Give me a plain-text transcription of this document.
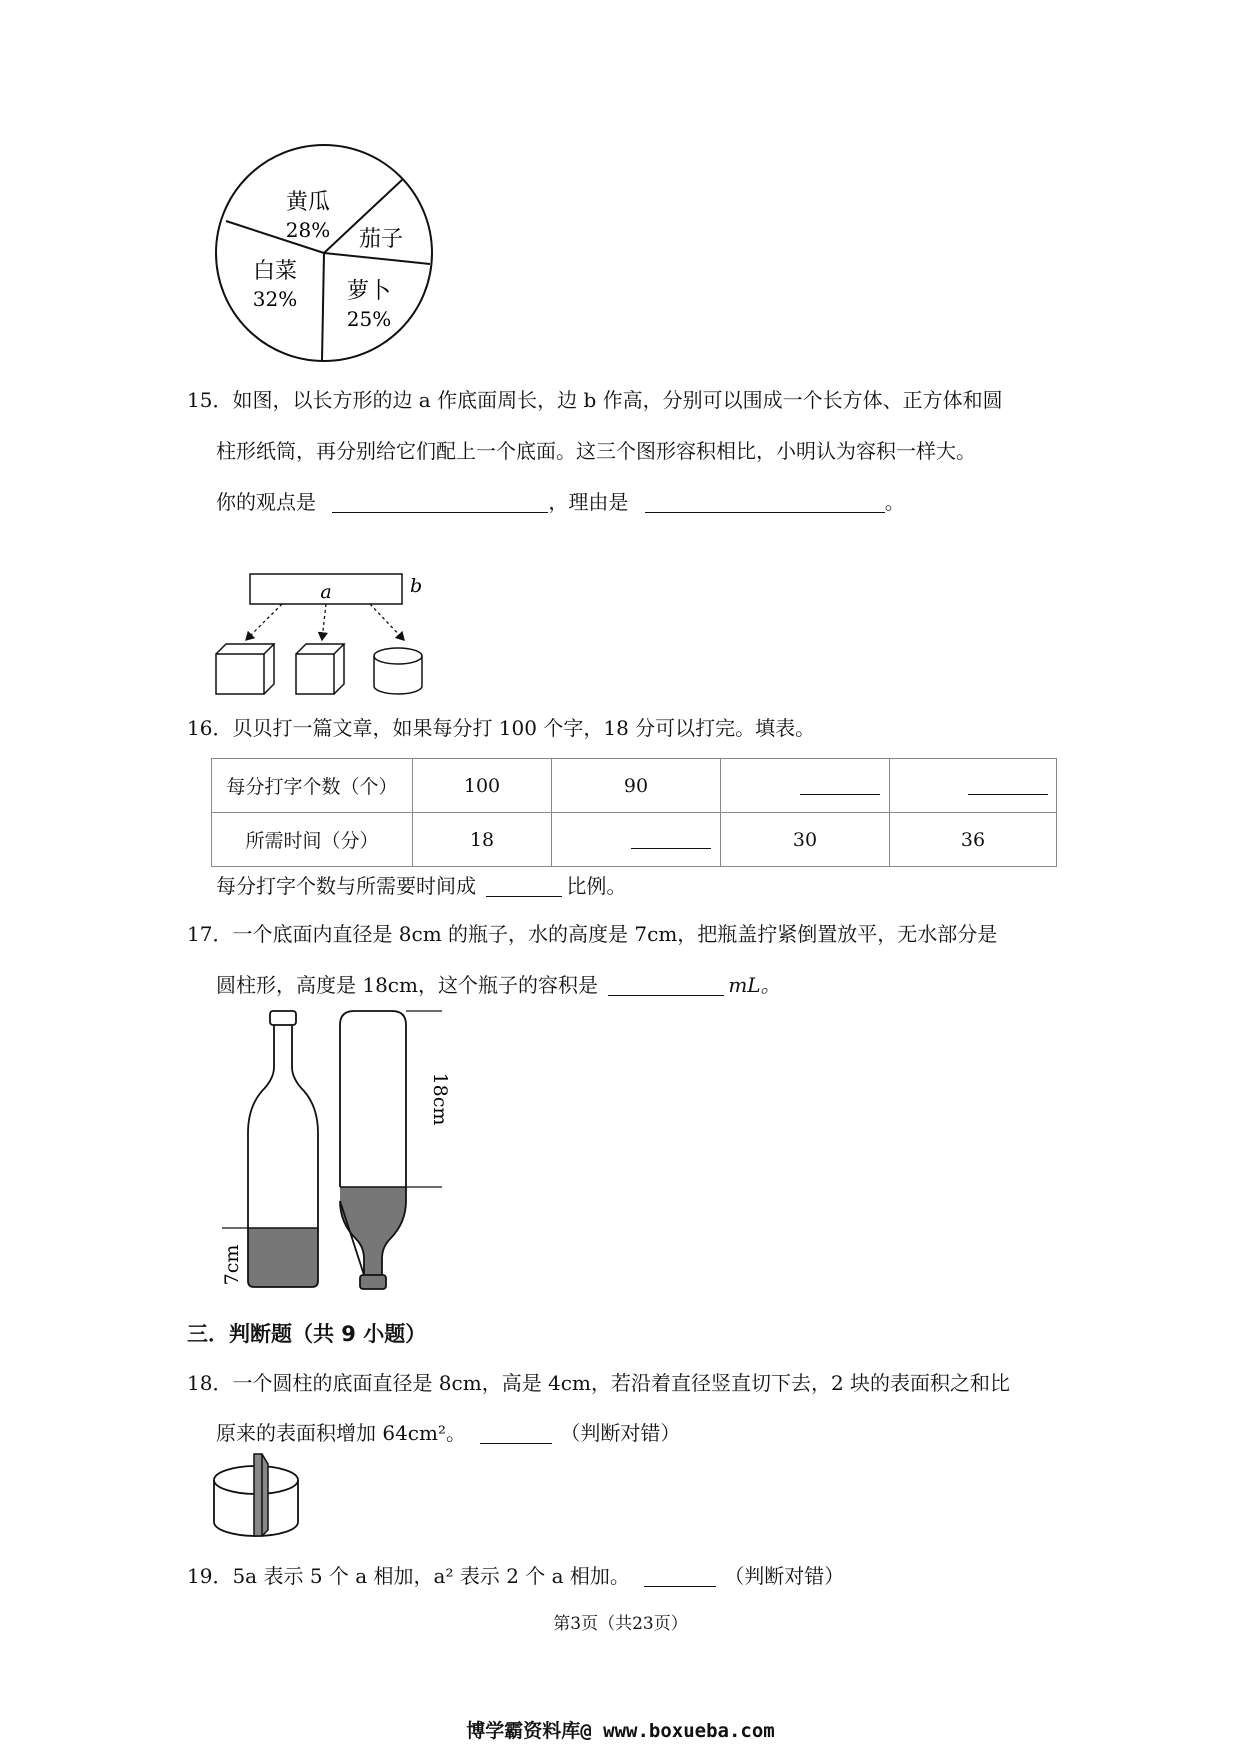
黄瓜
28% 茄子
萝卜
25%
白菜
32%
15．如图，以长方形的边 a 作底面周长，边 b 作高，分别可以围成一个长方体、正方体和圆
柱形纸筒，再分别给它们配上一个底面。这三个图形容积相比，小明认为容积一样大。
你的观点是	，理由是	。
a	b
16．贝贝打一篇文章，如果每分打 100 个字，18 分可以打完。填表。
每分打字个数（个）	100	90		
所需时间（分）	18		30	36
每分打字个数与所需要时间成	比例。
17．一个底面内直径是 8cm 的瓶子，水的高度是 7cm，把瓶盖拧紧倒置放平，无水部分是
圆柱形，高度是 18cm，这个瓶子的容积是	mL。
7cm
18cm
三．判断题（共 9 小题）
18．一个圆柱的底面直径是 8cm，高是 4cm，若沿着直径竖直切下去，2 块的表面积之和比
原来的表面积增加 64cm²。	（判断对错）
19．5a 表示 5 个 a 相加，a² 表示 2 个 a 相加。	（判断对错）
第3页（共23页）
博学霸资料库@ www.boxueba.com
